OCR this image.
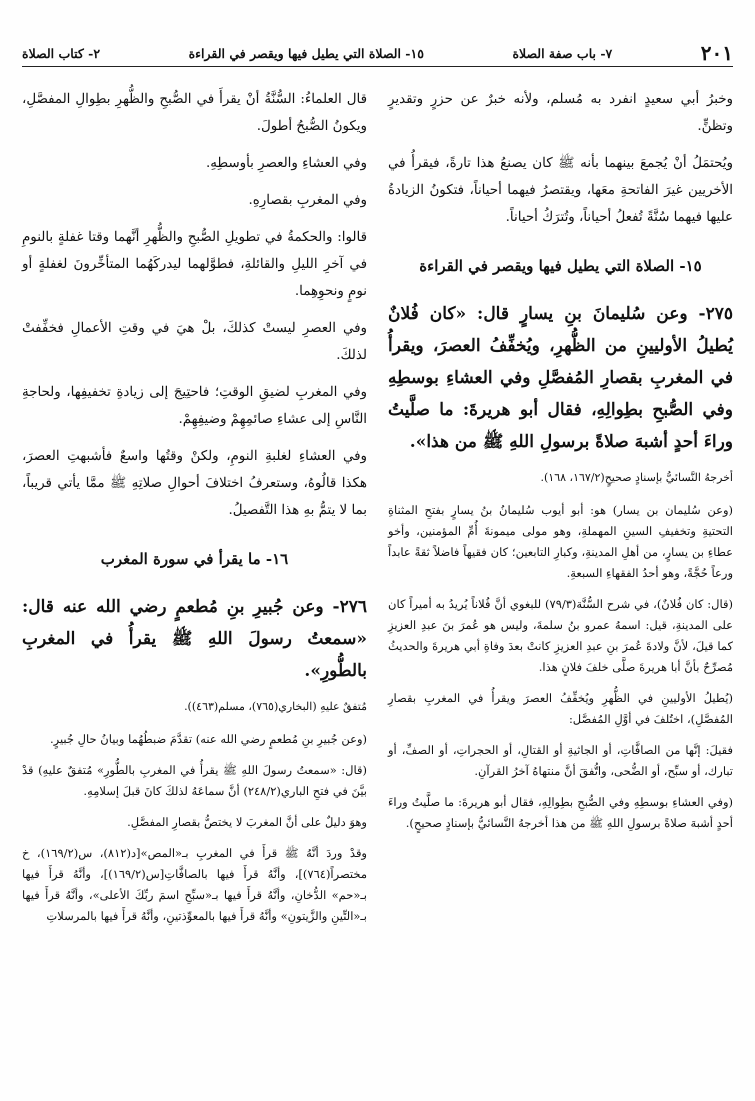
٢٠١
٧- باب صفة الصلاة
١٥- الصلاة التي يطيل فيها ويقصر في القراءة
٢- كتاب الصلاة

وخبرُ أبي سعيدٍ انفرد به مُسلم، ولأنه خبرٌ عن حزرٍ وتقديرٍ وتظنٍّ.

ويُحتمَلُ أنْ يُجمعَ بينهما بأنه ﷺ كان يصنعُ هذا تارةً، فيقرأُ في الأخريين غيرَ الفاتحةِ معَها، ويقتصرُ فيهما أحياناً، فتكونُ الزيادةُ عليها فيهما سُنَّةً تُفعلُ أحياناً، وتُترَكُ أحياناً.

١٥- الصلاة التي يطيل فيها ويقصر في القراءة

٢٧٥- وعن سُليمانَ بنِ يسارٍ قال: «كان فُلانٌ يُطيلُ الأوليينِ من الظُّهرِ، ويُخفِّفُ العصرَ، ويقرأُ في المغربِ بقصارِ المُفصَّلِ وفي العشاءِ بوسطِهِ وفي الصُّبحِ بطِوالِهِ، فقال أبو هريرةَ: ما صلَّيتُ وراءَ أحدٍ أشبهَ صلاةً برسولِ اللهِ ﷺ من هذا».

أخرجهُ النَّسائيُّ بإسنادٍ صحيحٍ(١٦٧/٢، ١٦٨).

(وعن سُليمان بن يسار) هو: أبو أيوب سُليمانُ بنُ يسارٍ بفتحِ المثناةِ التحتيةِ وتخفيفِ السينِ المهملةِ، وهو مولى ميمونةَ أُمِّ المؤمنين، وأخو عطاءِ بن يسارٍ، من أهلِ المدينةِ، وكبارِ التابعين؛ كان فقيهاً فاضلاً ثقةً عابداً ورعاً حُجَّةً، وهو أحدُ الفقهاءِ السبعةِ.

(قال: كان فُلانٌ)، في شرح السُّنَّة(٧٩/٣) للبغوي أنَّ فُلاناً يُريدُ به أميراً كان على المدينةِ، قيل: اسمهُ عمرو بنُ سلمةَ، وليس هو عُمرَ بنَ عبدِ العزيزِ كما قيلَ، لأنَّ ولادةَ عُمرَ بنِ عبدِ العزيزِ كانتْ بعدَ وفاةِ أبي هريرةَ والحديثُ مُصرِّحٌ بأنَّ أبا هريرةَ صلَّى خلفَ فلانٍ هذا.

(يُطيلُ الأوليينِ في الظُّهرِ ويُخفِّفُ العصرَ ويقرأُ في المغربِ بقصارِ المُفصَّلِ)، اختُلفَ في أوَّلِ المُفصَّل:

فقيلَ: إنَّها من الصافَّاتِ، أو الجاثيةِ أو القتالِ، أو الحجراتِ، أو الصفِّ، أو تبارك، أو سبِّح، أو الضُّحى، واتُّفقَ أنَّ منتهاهُ آخرُ القرآنِ.

(وفي العشاءِ بوسطِهِ وفي الصُّبحِ بطِوالِهِ، فقال أبو هريرةَ: ما صلَّيتُ وراءَ أحدٍ أشبهَ صلاةً برسولِ اللهِ ﷺ من هذا أخرجهُ النَّسائيُّ بإسنادٍ صحيحٍ).

قال العلماءُ: السُّنَّةُ أنْ يقرأَ في الصُّبحِ والظُّهرِ بطِوالِ المفصَّلِ، ويكونُ الصُّبحُ أطولَ.

وفي العشاءِ والعصرِ بأوسطِهِ.

وفي المغربِ بقصارِهِ.

قالوا: والحكمةُ في تطويلِ الصُّبحِ والظُّهرِ أنَّهما وقتا غفلةٍ بالنومِ في آخرِ الليلِ والقائلةِ، فطوَّلهما ليدركَهُما المتأخِّرونَ لغفلةٍ أو نومٍ ونحوِهِما.

وفي العصرِ ليستْ كذلكَ، بلْ هيَ في وقتِ الأعمالِ فخفِّفتْ لذلكَ.

وفي المغربِ لضيقِ الوقتِ؛ فاحتِيجَ إلى زيادةِ تخفيفِها، ولحاجةِ النَّاسِ إلى عشاءِ صائمِهِمْ وضيفِهِمْ.

وفي العشاءِ لغلبةِ النومِ، ولكنْ وقتُها واسعٌ فأشبهتِ العصرَ، هكذا قالُوهُ، وستعرفُ اختلافَ أحوالِ صلاتِهِ ﷺ ممَّا يأتي قريباً، بما لا يتمُّ بهِ هذا التَّفصيلُ.

١٦- ما يقرأ في سورة المغرب

٢٧٦- وعن جُبيرِ بنِ مُطعمٍ رضي الله عنه قال: «سمعتُ رسولَ اللهِ ﷺ يقرأُ في المغربِ بالطُّورِ».

مُتفقٌ عليهِ (البخاري(٧٦٥)، مسلم(٤٦٣)).

(وعن جُبيرِ بنِ مُطعمٍ رضي الله عنه) تقدَّمَ ضبطُهُما وبيانُ حالِ جُبيرٍ.

(قال: «سمعتُ رسولَ اللهِ ﷺ يقرأُ في المغربِ بالطُّورِ» مُتفقٌ عليهِ) قدْ بيَّنَ في فتحِ الباري(٢٤٨/٢) أنَّ سماعَهُ لذلكَ كانَ قبلَ إسلامِهِ.

وهوَ دليلٌ على أنَّ المغربَ لا يختصُّ بقصارِ المفصَّلِ.

وقدْ وردَ أنَّهُ ﷺ قرأَ في المغربِ بـ«المص»[د(٨١٢)، س(١٦٩/٢)، خ مختصراً(٧٦٤)]، وأنَّهُ قرأَ فيها بالصافَّاتِ[س(١٦٩/٢)]، وأنَّهُ قرأَ فيها بـ«حم» الدُّخانِ، وأنَّهُ قرأَ فيها بـ«سبِّحِ اسمَ ربِّكَ الأعلى»، وأنَّهُ قرأَ فيها بـ«التِّينِ والزَّيتونِ» وأنَّهُ قرأَ فيها بالمعوِّذتينِ، وأنَّهُ قرأَ فيها بالمرسلاتِ
